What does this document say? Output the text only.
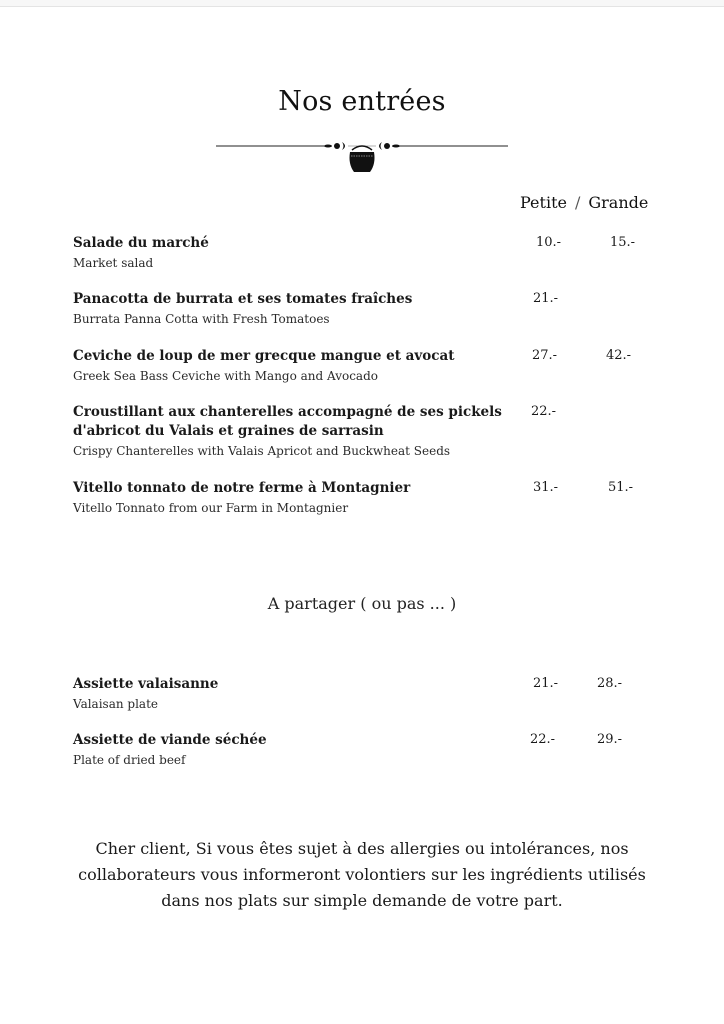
Nos entrées
Petite / Grande
Salade du marché
Market salad
10.-	15.-
Panacotta de burrata et ses tomates fraîches
Burrata Panna Cotta with Fresh Tomatoes
21.-
Ceviche de loup de mer grecque mangue et avocat
Greek Sea Bass Ceviche with Mango and Avocado
27.-	42.-
Croustillant aux chanterelles accompagné de ses pickels
d'abricot du Valais et graines de sarrasin
Crispy Chanterelles with Valais Apricot and Buckwheat Seeds
22.-
Vitello tonnato de notre ferme à Montagnier
Vitello Tonnato from our Farm in Montagnier
31.-	51.-
A partager ( ou pas ... )
Assiette valaisanne
Valaisan plate
21.-	28.-
Assiette de viande séchée
Plate of dried beef
22.-	29.-
Cher client, Si vous êtes sujet à des allergies ou intolérances, nos
collaborateurs vous informeront volontiers sur les ingrédients utilisés
dans nos plats sur simple demande de votre part.
